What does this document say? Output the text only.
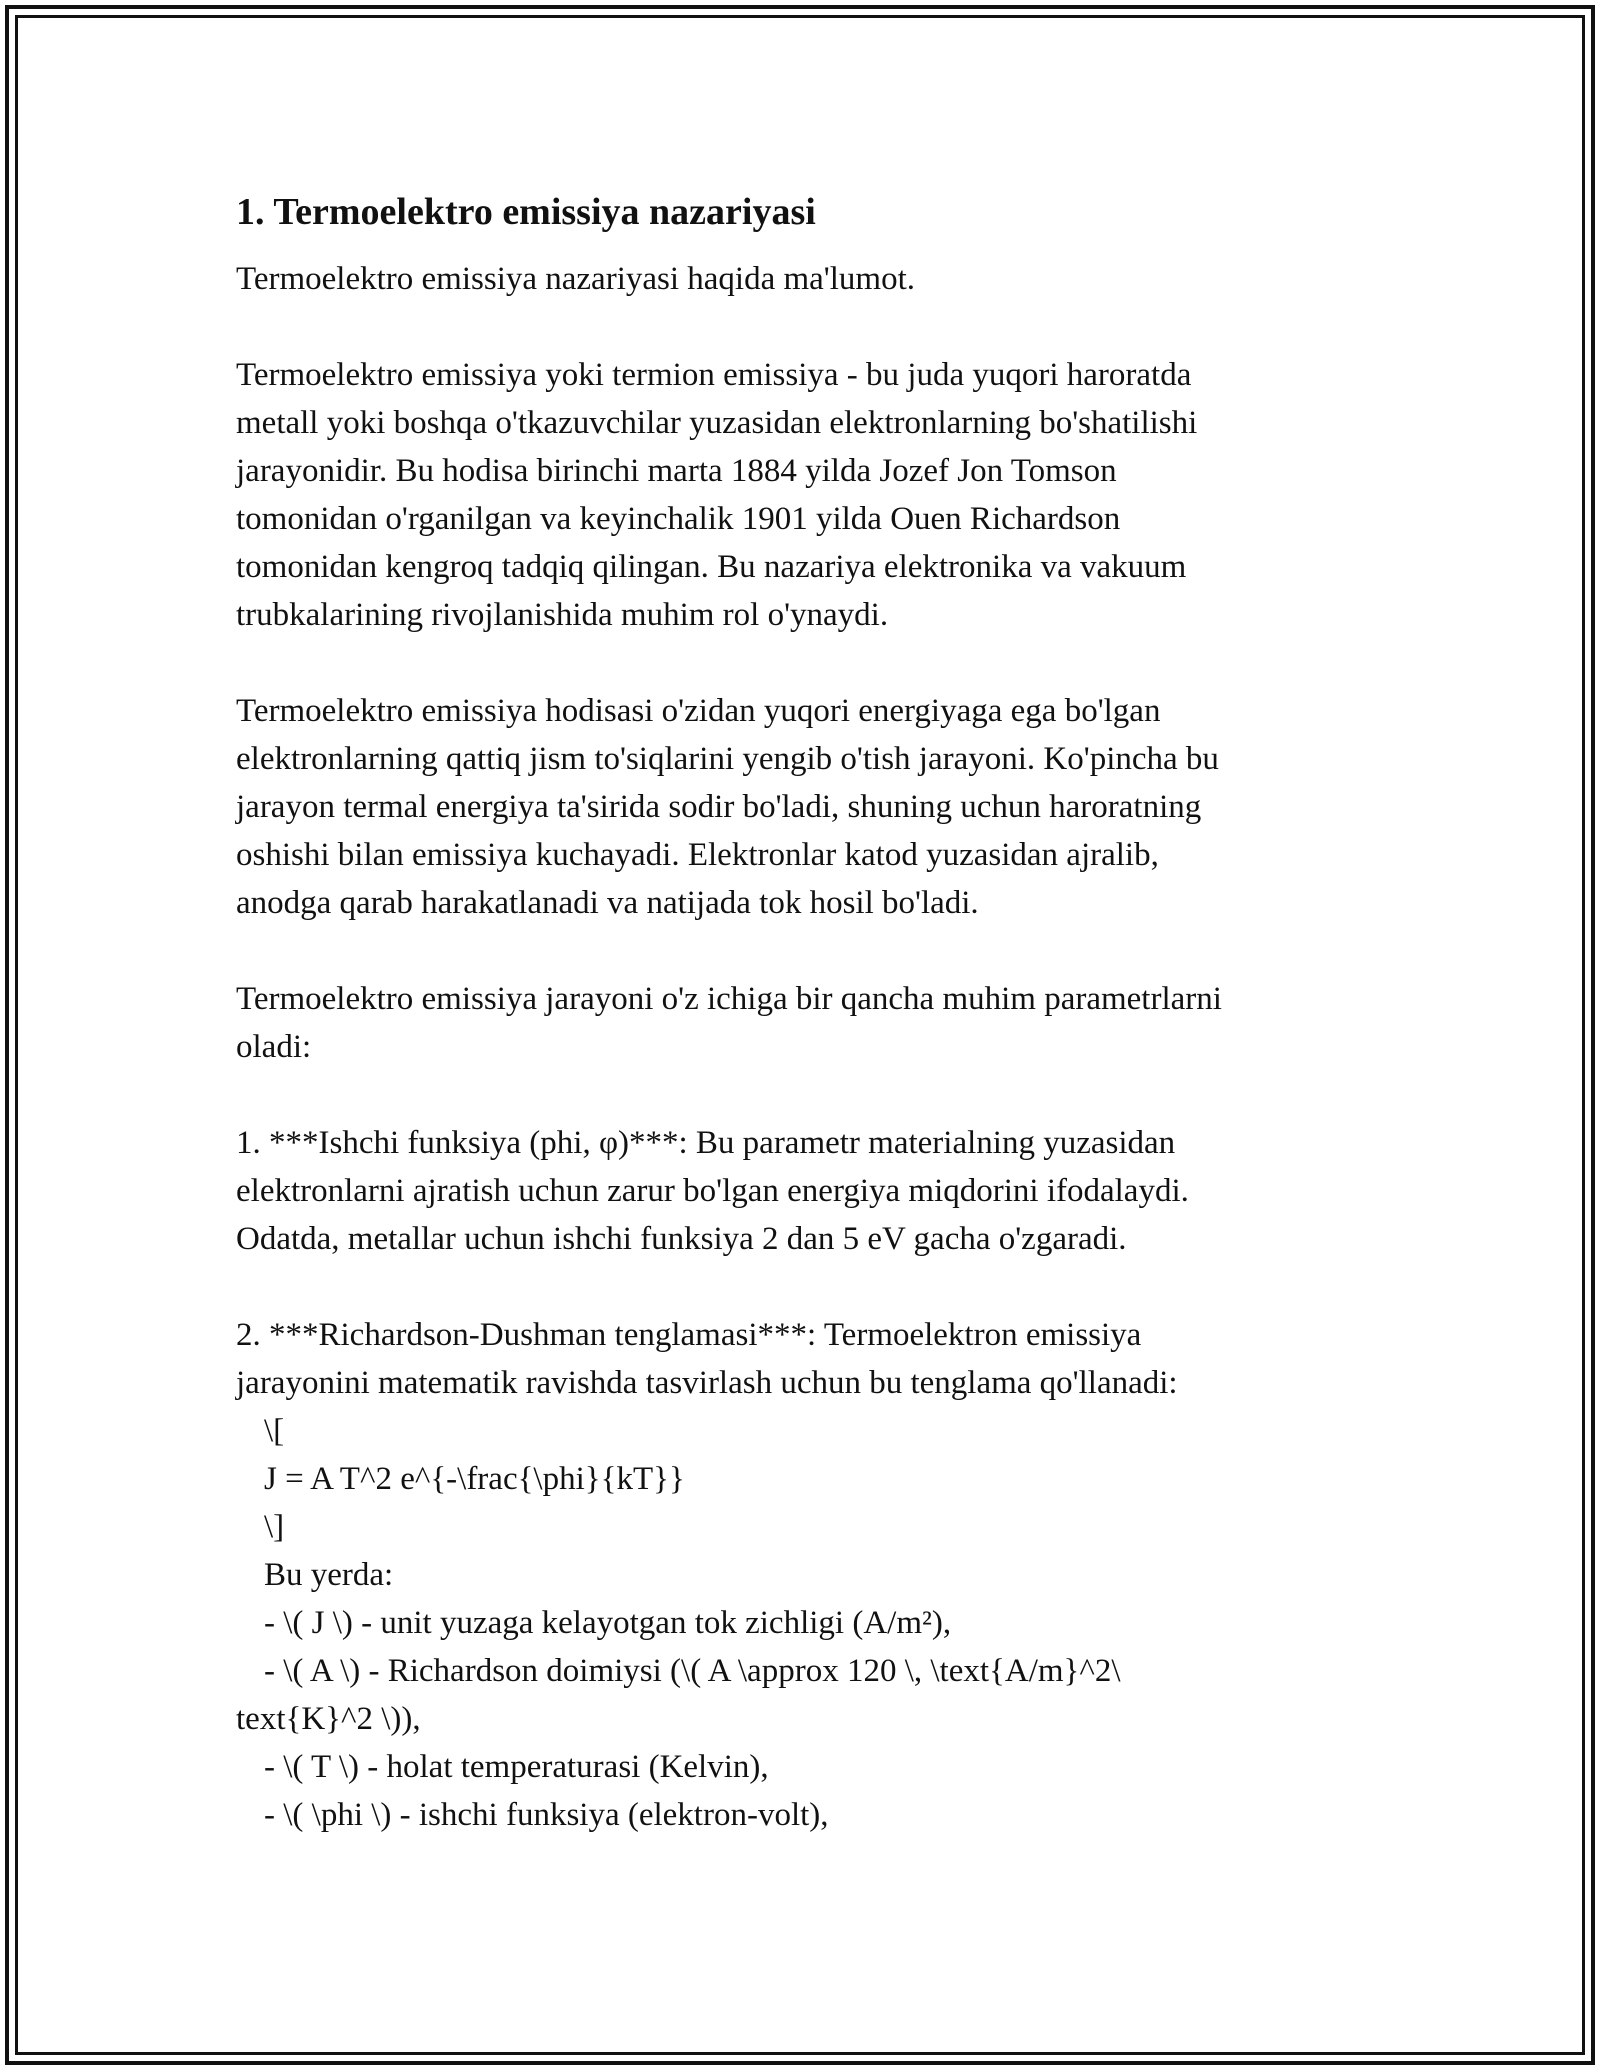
1. Termoelektro emissiya nazariyasi

Termoelektro emissiya nazariyasi haqida ma'lumot.

Termoelektro emissiya yoki termion emissiya - bu juda yuqori haroratda
metall yoki boshqa o'tkazuvchilar yuzasidan elektronlarning bo'shatilishi
jarayonidir. Bu hodisa birinchi marta 1884 yilda Jozef Jon Tomson
tomonidan o'rganilgan va keyinchalik 1901 yilda Ouen Richardson
tomonidan kengroq tadqiq qilingan. Bu nazariya elektronika va vakuum
trubkalarining rivojlanishida muhim rol o'ynaydi.

Termoelektro emissiya hodisasi o'zidan yuqori energiyaga ega bo'lgan
elektronlarning qattiq jism to'siqlarini yengib o'tish jarayoni. Ko'pincha bu
jarayon termal energiya ta'sirida sodir bo'ladi, shuning uchun haroratning
oshishi bilan emissiya kuchayadi. Elektronlar katod yuzasidan ajralib,
anodga qarab harakatlanadi va natijada tok hosil bo'ladi.

Termoelektro emissiya jarayoni o'z ichiga bir qancha muhim parametrlarni
oladi:

1. ***Ishchi funksiya (phi, φ)***: Bu parametr materialning yuzasidan
elektronlarni ajratish uchun zarur bo'lgan energiya miqdorini ifodalaydi.
Odatda, metallar uchun ishchi funksiya 2 dan 5 eV gacha o'zgaradi.

2. ***Richardson-Dushman tenglamasi***: Termoelektron emissiya
jarayonini matematik ravishda tasvirlash uchun bu tenglama qo'llanadi:
\[
J = A T^2 e^{-\frac{\phi}{kT}}
\]
Bu yerda:
- \( J \) - unit yuzaga kelayotgan tok zichligi (A/m²),
- \( A \) - Richardson doimiysi (\( A \approx 120 \, \text{A/m}^2\
text{K}^2 \)),
- \( T \) - holat temperaturasi (Kelvin),
- \( \phi \) - ishchi funksiya (elektron-volt),
